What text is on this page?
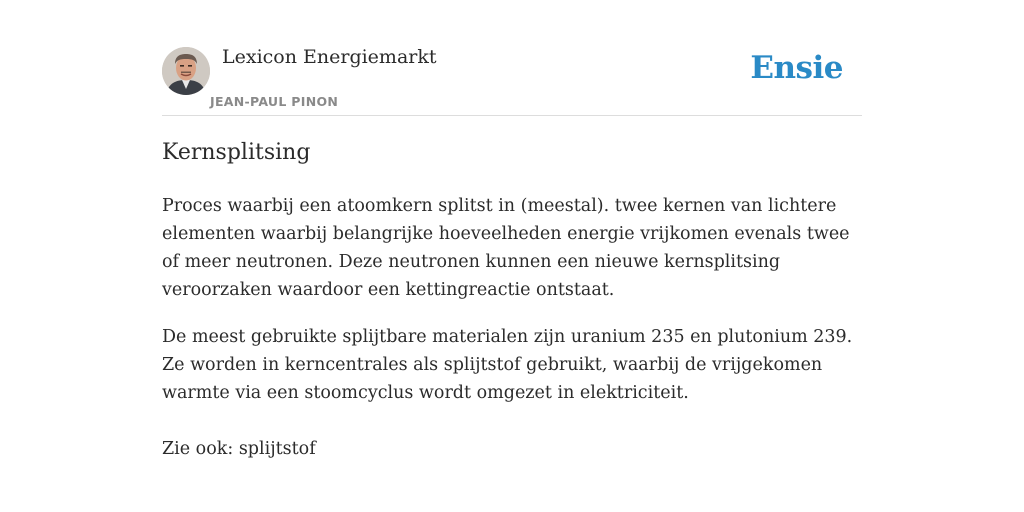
Lexicon Energiemarkt
JEAN-PAUL PINON
Ensie
Kernsplitsing

Proces waarbij een atoomkern splitst in (meestal). twee kernen van lichtere elementen waarbij belangrijke hoeveelheden energie vrijkomen evenals twee of meer neutronen. Deze neutronen kunnen een nieuwe kernsplitsing veroorzaken waardoor een kettingreactie ontstaat.

De meest gebruikte splijtbare materialen zijn uranium 235 en plutonium 239. Ze worden in kerncentrales als splijtstof gebruikt, waarbij de vrijgekomen warmte via een stoomcyclus wordt omgezet in elektriciteit.

Zie ook: splijtstof
